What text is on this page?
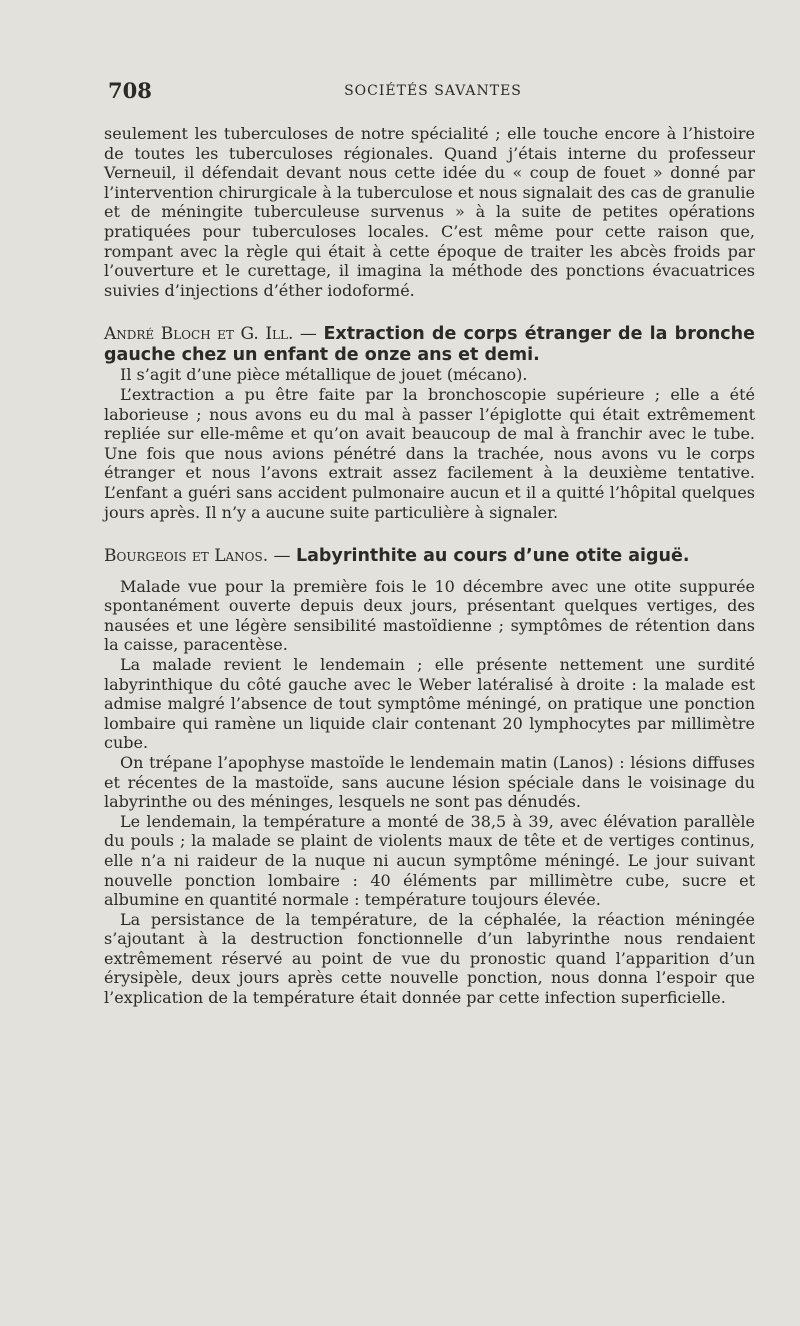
708	SOCIÉTÉS SAVANTES

seulement les tuberculoses de notre spécialité ; elle touche encore à l’histoire de toutes les tuberculoses régionales. Quand j’étais interne du professeur Verneuil, il défendait devant nous cette idée du « coup de fouet » donné par l’intervention chirurgicale à la tuberculose et nous signalait des cas de granulie et de méningite tuberculeuse survenus » à la suite de petites opérations pratiquées pour tuberculoses locales. C’est même pour cette raison que, rompant avec la règle qui était à cette époque de traiter les abcès froids par l’ouverture et le curettage, il imagina la méthode des ponctions évacuatrices suivies d’injections d’éther iodoformé.

André Bloch et G. Ill. — Extraction de corps étranger de la bronche gauche chez un enfant de onze ans et demi.

Il s’agit d’une pièce métallique de jouet (mécano).

L’extraction a pu être faite par la bronchoscopie supérieure ; elle a été laborieuse ; nous avons eu du mal à passer l’épiglotte qui était extrêmement repliée sur elle-même et qu’on avait beaucoup de mal à franchir avec le tube. Une fois que nous avions pénétré dans la trachée, nous avons vu le corps étranger et nous l’avons extrait assez facilement à la deuxième tentative. L’enfant a guéri sans accident pulmonaire aucun et il a quitté l’hôpital quelques jours après. Il n’y a aucune suite particulière à signaler.

Bourgeois et Lanos. — Labyrinthite au cours d’une otite aiguë.

Malade vue pour la première fois le 10 décembre avec une otite suppurée spontanément ouverte depuis deux jours, présentant quelques vertiges, des nausées et une légère sensibilité mastoïdienne ; symptômes de rétention dans la caisse, paracentèse.

La malade revient le lendemain ; elle présente nettement une surdité labyrinthique du côté gauche avec le Weber latéralisé à droite : la malade est admise malgré l’absence de tout symptôme méningé, on pratique une ponction lombaire qui ramène un liquide clair contenant 20 lymphocytes par millimètre cube.

On trépane l’apophyse mastoïde le lendemain matin (Lanos) : lésions diffuses et récentes de la mastoïde, sans aucune lésion spéciale dans le voisinage du labyrinthe ou des méninges, lesquels ne sont pas dénudés.

Le lendemain, la température a monté de 38,5 à 39, avec élévation parallèle du pouls ; la malade se plaint de violents maux de tête et de vertiges continus, elle n’a ni raideur de la nuque ni aucun symptôme méningé. Le jour suivant nouvelle ponction lombaire : 40 éléments par millimètre cube, sucre et albumine en quantité normale : température toujours élevée.

La persistance de la température, de la céphalée, la réaction méningée s’ajoutant à la destruction fonctionnelle d’un labyrinthe nous rendaient extrêmement réservé au point de vue du pronostic quand l’apparition d’un érysipèle, deux jours après cette nouvelle ponction, nous donna l’espoir que l’explication de la température était donnée par cette infection superficielle.
